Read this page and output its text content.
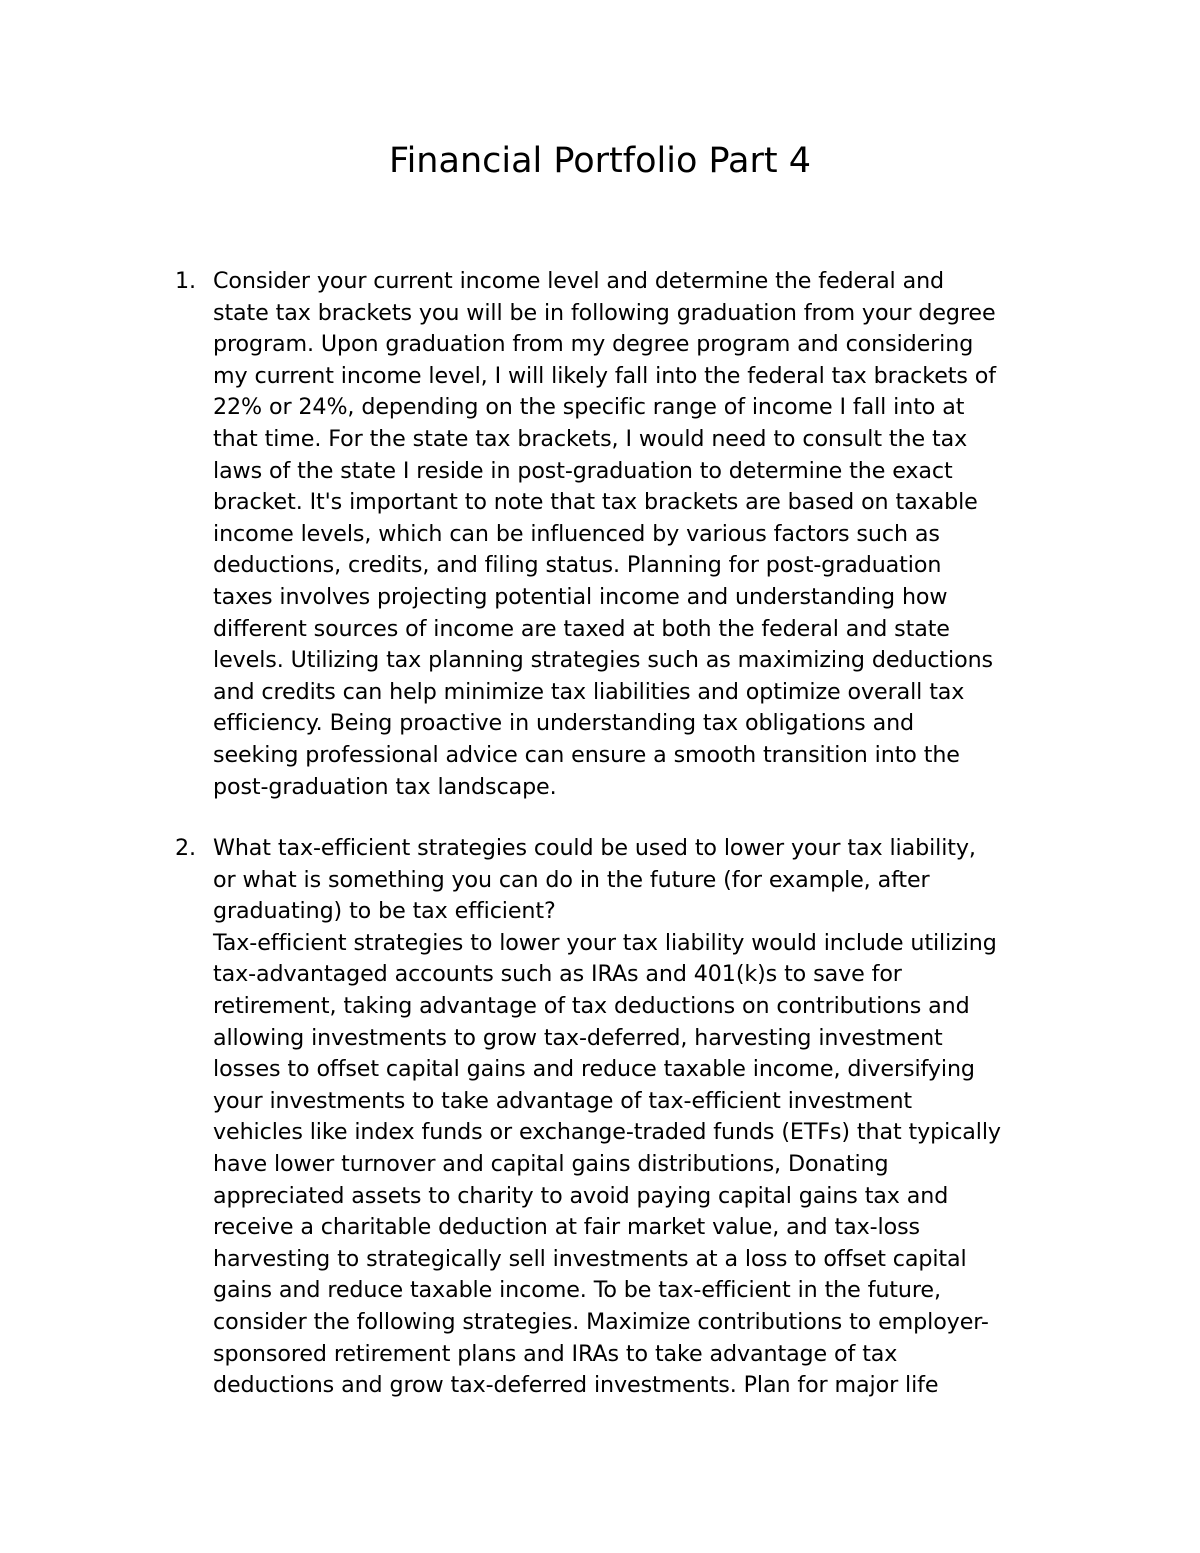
Financial Portfolio Part 4
1. Consider your current income level and determine the federal and
state tax brackets you will be in following graduation from your degree
program. Upon graduation from my degree program and considering
my current income level, I will likely fall into the federal tax brackets of
22% or 24%, depending on the specific range of income I fall into at
that time. For the state tax brackets, I would need to consult the tax
laws of the state I reside in post-graduation to determine the exact
bracket. It's important to note that tax brackets are based on taxable
income levels, which can be influenced by various factors such as
deductions, credits, and filing status. Planning for post-graduation
taxes involves projecting potential income and understanding how
different sources of income are taxed at both the federal and state
levels. Utilizing tax planning strategies such as maximizing deductions
and credits can help minimize tax liabilities and optimize overall tax
efficiency. Being proactive in understanding tax obligations and
seeking professional advice can ensure a smooth transition into the
post-graduation tax landscape.
2. What tax-efficient strategies could be used to lower your tax liability,
or what is something you can do in the future (for example, after
graduating) to be tax efficient?
Tax-efficient strategies to lower your tax liability would include utilizing
tax-advantaged accounts such as IRAs and 401(k)s to save for
retirement, taking advantage of tax deductions on contributions and
allowing investments to grow tax-deferred, harvesting investment
losses to offset capital gains and reduce taxable income, diversifying
your investments to take advantage of tax-efficient investment
vehicles like index funds or exchange-traded funds (ETFs) that typically
have lower turnover and capital gains distributions, Donating
appreciated assets to charity to avoid paying capital gains tax and
receive a charitable deduction at fair market value, and tax-loss
harvesting to strategically sell investments at a loss to offset capital
gains and reduce taxable income. To be tax-efficient in the future,
consider the following strategies. Maximize contributions to employer-
sponsored retirement plans and IRAs to take advantage of tax
deductions and grow tax-deferred investments. Plan for major life
